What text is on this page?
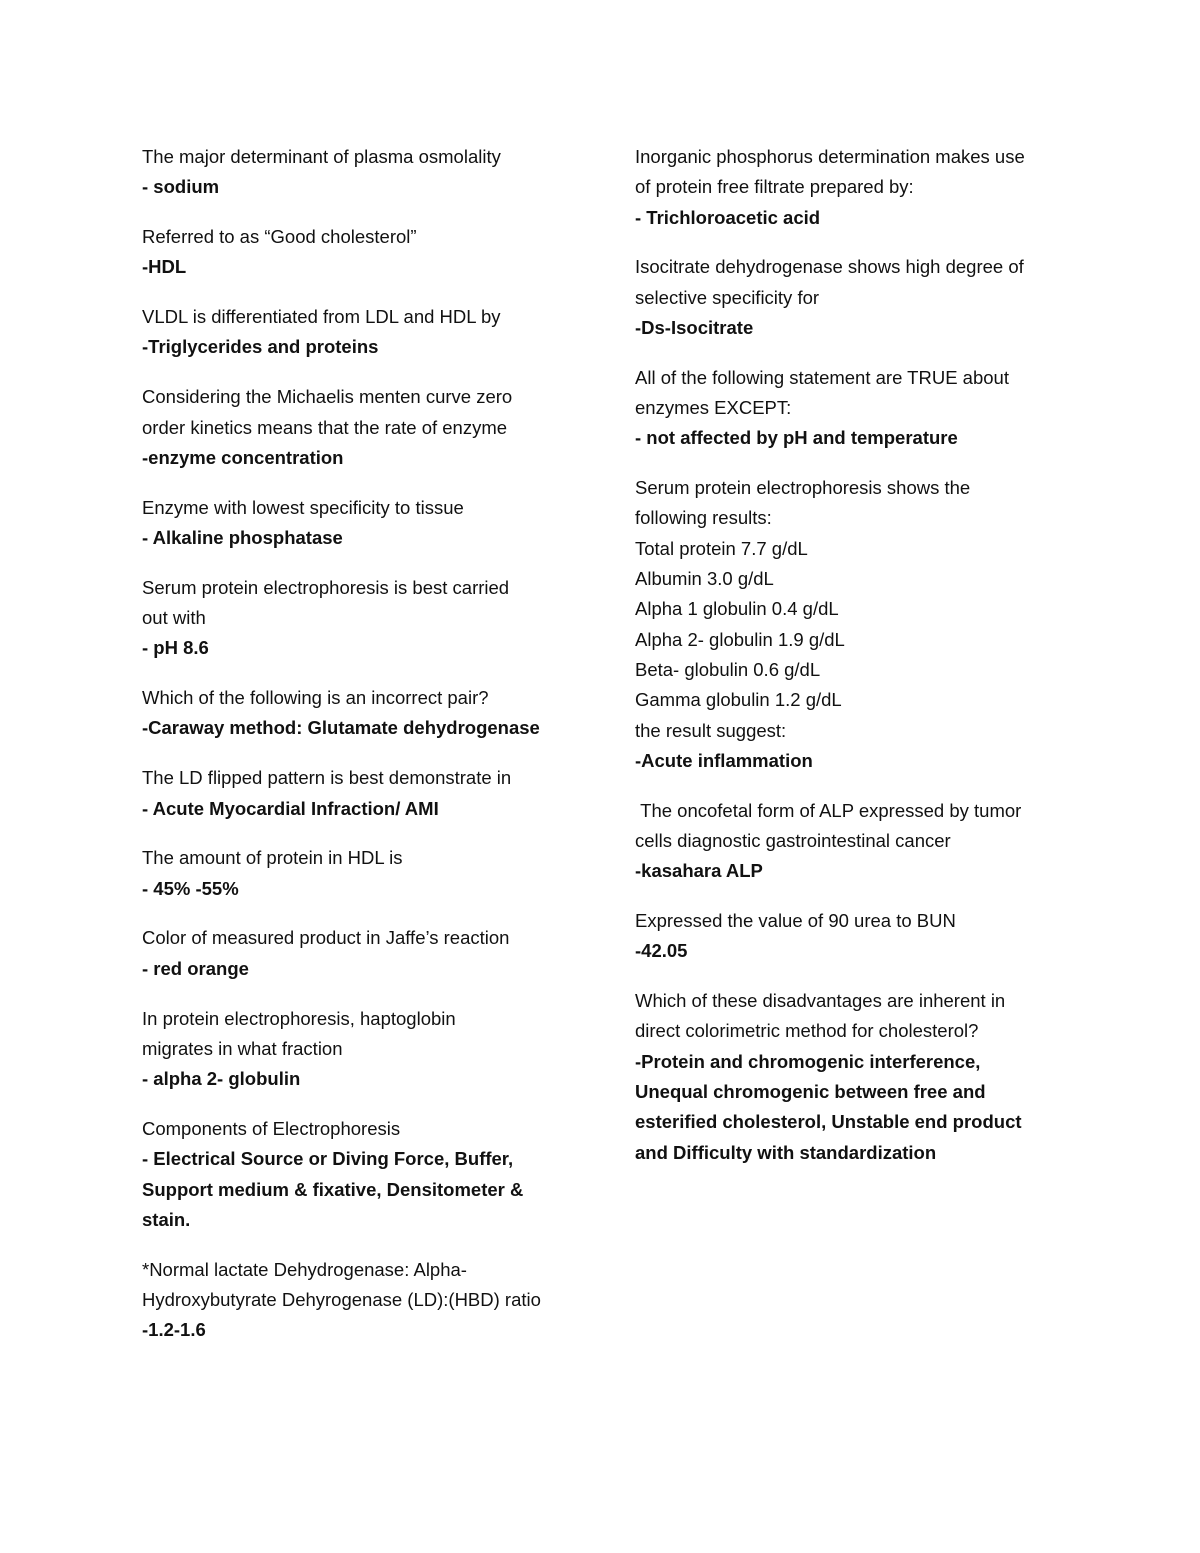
The major determinant of plasma osmolality
- sodium
Referred to as “Good cholesterol”
-HDL
VLDL is differentiated from LDL and HDL by
-Triglycerides and proteins
Considering the Michaelis menten curve zero
order kinetics means that the rate of enzyme
-enzyme concentration
Enzyme with lowest specificity to tissue
- Alkaline phosphatase
Serum protein electrophoresis is best carried
out with
- pH 8.6
Which of the following is an incorrect pair?
-Caraway method: Glutamate dehydrogenase
The LD flipped pattern is best demonstrate in
- Acute Myocardial Infraction/ AMI
The amount of protein in HDL is
- 45% -55%
Color of measured product in Jaffe’s reaction
- red orange
In protein electrophoresis, haptoglobin
migrates in what fraction
- alpha 2- globulin
Components of Electrophoresis
- Electrical Source or Diving Force, Buffer,
Support medium & fixative, Densitometer &
stain.
*Normal lactate Dehydrogenase: Alpha-
Hydroxybutyrate Dehyrogenase (LD):(HBD) ratio
-1.2-1.6
Inorganic phosphorus determination makes use
of protein free filtrate prepared by:
- Trichloroacetic acid
Isocitrate dehydrogenase shows high degree of
selective specificity for
-Ds-Isocitrate
All of the following statement are TRUE about
enzymes EXCEPT:
- not affected by pH and temperature
Serum protein electrophoresis shows the
following results:
Total protein 7.7 g/dL
Albumin 3.0 g/dL
Alpha 1 globulin 0.4 g/dL
Alpha 2- globulin 1.9 g/dL
Beta- globulin 0.6 g/dL
Gamma globulin 1.2 g/dL
the result suggest:
-Acute inflammation
The oncofetal form of ALP expressed by tumor
cells diagnostic gastrointestinal cancer
-kasahara ALP
Expressed the value of 90 urea to BUN
-42.05
Which of these disadvantages are inherent in
direct colorimetric method for cholesterol?
-Protein and chromogenic interference,
Unequal chromogenic between free and
esterified cholesterol, Unstable end product
and Difficulty with standardization
